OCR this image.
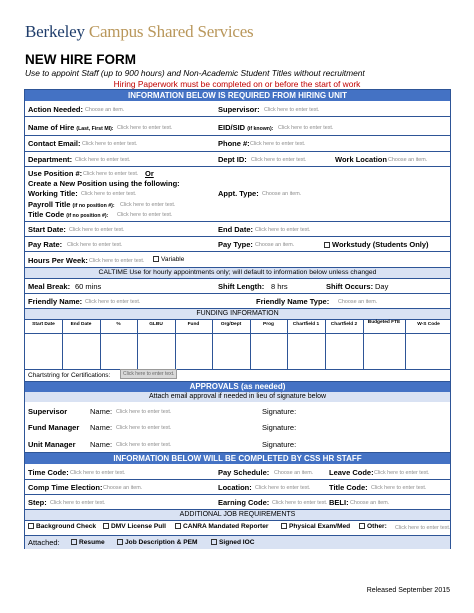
Berkeley Campus Shared Services
NEW HIRE FORM
Use to appoint Staff (up to 900 hours) and Non-Academic Student Titles without recruitment
Hiring Paperwork must be completed on or before the start of work
INFORMATION BELOW IS REQUIRED FROM HIRING UNIT
Action Needed: Choose an item.	Supervisor: Click here to enter text.
Name of Hire (Last, First MI): Click here to enter text.	EID/SID (if known): Click here to enter text.
Contact Email: Click here to enter text.	Phone #: Click here to enter text.
Department: Click here to enter text.	Dept ID: Click here to enter text.	Work Location Choose an item.
Use Position #: Click here to enter text. Or
Create a New Position using the following:
Working Title: Click here to enter text.	Appt. Type: Choose an item.
Payroll Title (if no position #): Click here to enter text.
Title Code (if no position #): Click here to enter text.
Start Date: Click here to enter text.	End Date: Click here to enter text.
Pay Rate: Click here to enter text.	Pay Type: Choose an item.	Workstudy (Students Only)
Hours Per Week: Click here to enter text.	Variable
CALTIME Use for hourly appointments only; will default to information below unless changed
Meal Break: 60 mins	Shift Length: 8 hrs	Shift Occurs: Day
Friendly Name: Click here to enter text.	Friendly Name Type: Choose an item.
FUNDING INFORMATION
Chartstring for Certifications:	Click here to enter text.
APPROVALS (as needed)
Attach email approval if needed in lieu of signature below
Supervisor	Name: Click here to enter text.	Signature:
Fund Manager Name: Click here to enter text.	Signature:
Unit Manager Name: Click here to enter text.	Signature:
INFORMATION BELOW WILL BE COMPLETED BY CSS HR STAFF
Time Code: Click here to enter text.	Pay Schedule: Choose an item. Leave Code: Click here to enter text.
Comp Time Election: Choose an item.	Location: Click here to enter text. Title Code: Click here to enter text.
Step: Click here to enter text.	Earning Code: Click here to enter text. BELI: Choose an item.
ADDITIONAL JOB REQUIREMENTS
Background Check	DMV License Pull	CANRA Mandated Reporter	Physical Exam/Med	Other: Click here to enter text.
Attached:	Resume	Job Description & PEM	Signed IOC
Start Date	End Date	%	GLBU	Fund	Org/Dept	Prog	Chartfield 1	Chartfield 2	Budgeted FTE	W-S Code
Released September 2015
